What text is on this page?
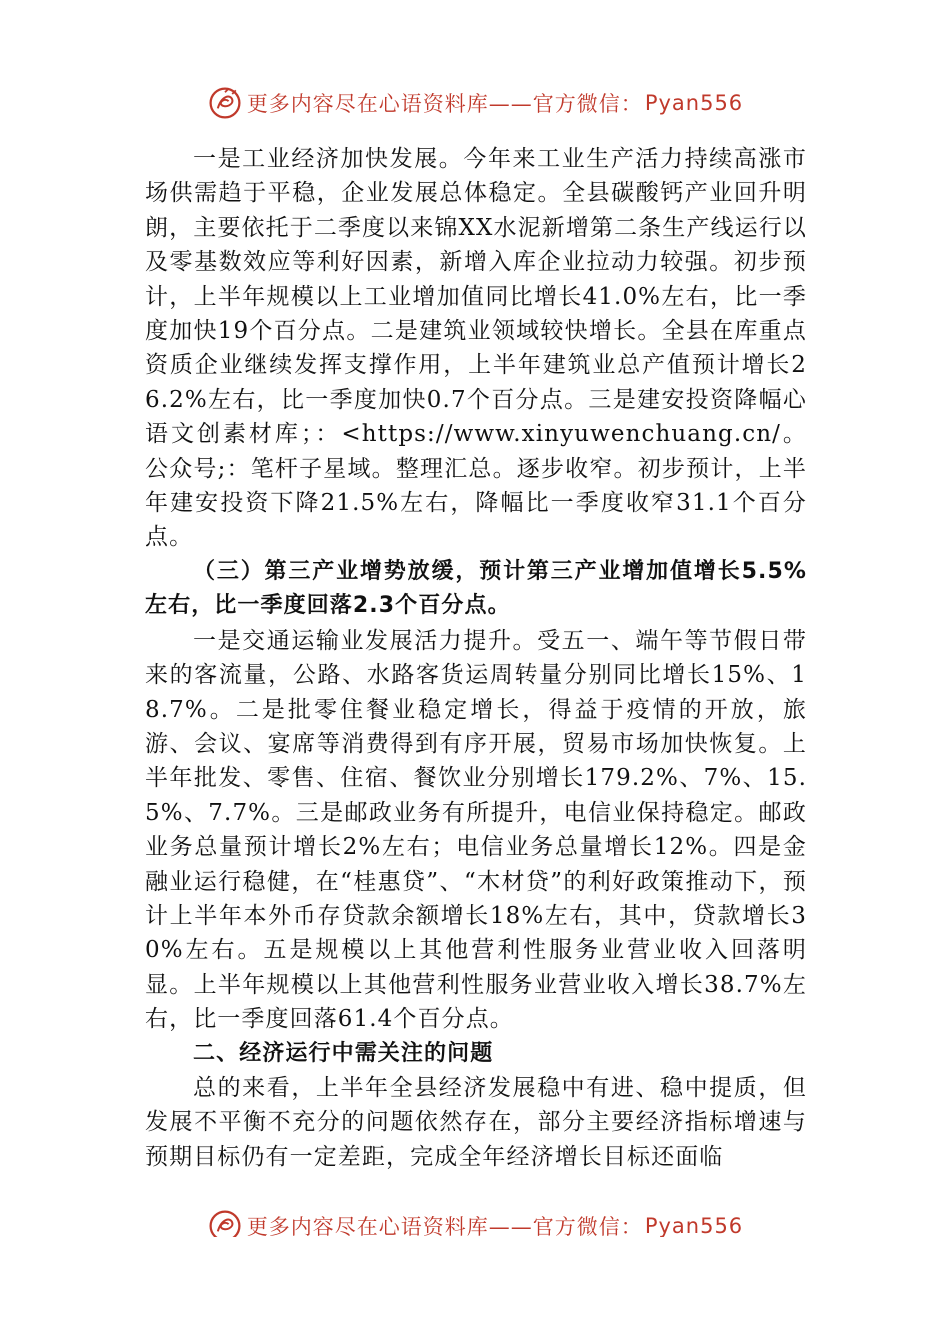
更多内容尽在心语资料库——官方微信： Pyan556

一是工业经济加快发展。今年来工业生产活力持续高涨市场供需趋于平稳，企业发展总体稳定。全县碳酸钙产业回升明朗，主要依托于二季度以来锦XX水泥新增第二条生产线运行以及零基数效应等利好因素，新增入库企业拉动力较强。初步预计，上半年规模以上工业增加值同比增长41.0%左右，比一季度加快19个百分点。二是建筑业领域较快增长。全县在库重点资质企业继续发挥支撑作用，上半年建筑业总产值预计增长26.2%左右，比一季度加快0.7个百分点。三是建安投资降幅心语文创素材库；：<https://www.xinyuwenchuang.cn/。公众号;：笔杆子星域。整理汇总。逐步收窄。初步预计，上半年建安投资下降21.5%左右，降幅比一季度收窄31.1个百分点。

（三）第三产业增势放缓，预计第三产业增加值增长5.5%左右，比一季度回落2.3个百分点。

一是交通运输业发展活力提升。受五一、端午等节假日带来的客流量，公路、水路客货运周转量分别同比增长15%、18.7%。二是批零住餐业稳定增长，得益于疫情的开放，旅游、会议、宴席等消费得到有序开展，贸易市场加快恢复。上半年批发、零售、住宿、餐饮业分别增长179.2%、7%、15.5%、7.7%。三是邮政业务有所提升，电信业保持稳定。邮政业务总量预计增长2%左右；电信业务总量增长12%。四是金融业运行稳健，在“桂惠贷”、“木材贷”的利好政策推动下，预计上半年本外币存贷款余额增长18%左右，其中，贷款增长30%左右。五是规模以上其他营利性服务业营业收入回落明显。上半年规模以上其他营利性服务业营业收入增长38.7%左右，比一季度回落61.4个百分点。

二、经济运行中需关注的问题

总的来看，上半年全县经济发展稳中有进、稳中提质，但发展不平衡不充分的问题依然存在，部分主要经济指标增速与预期目标仍有一定差距，完成全年经济增长目标还面临

更多内容尽在心语资料库——官方微信： Pyan556
